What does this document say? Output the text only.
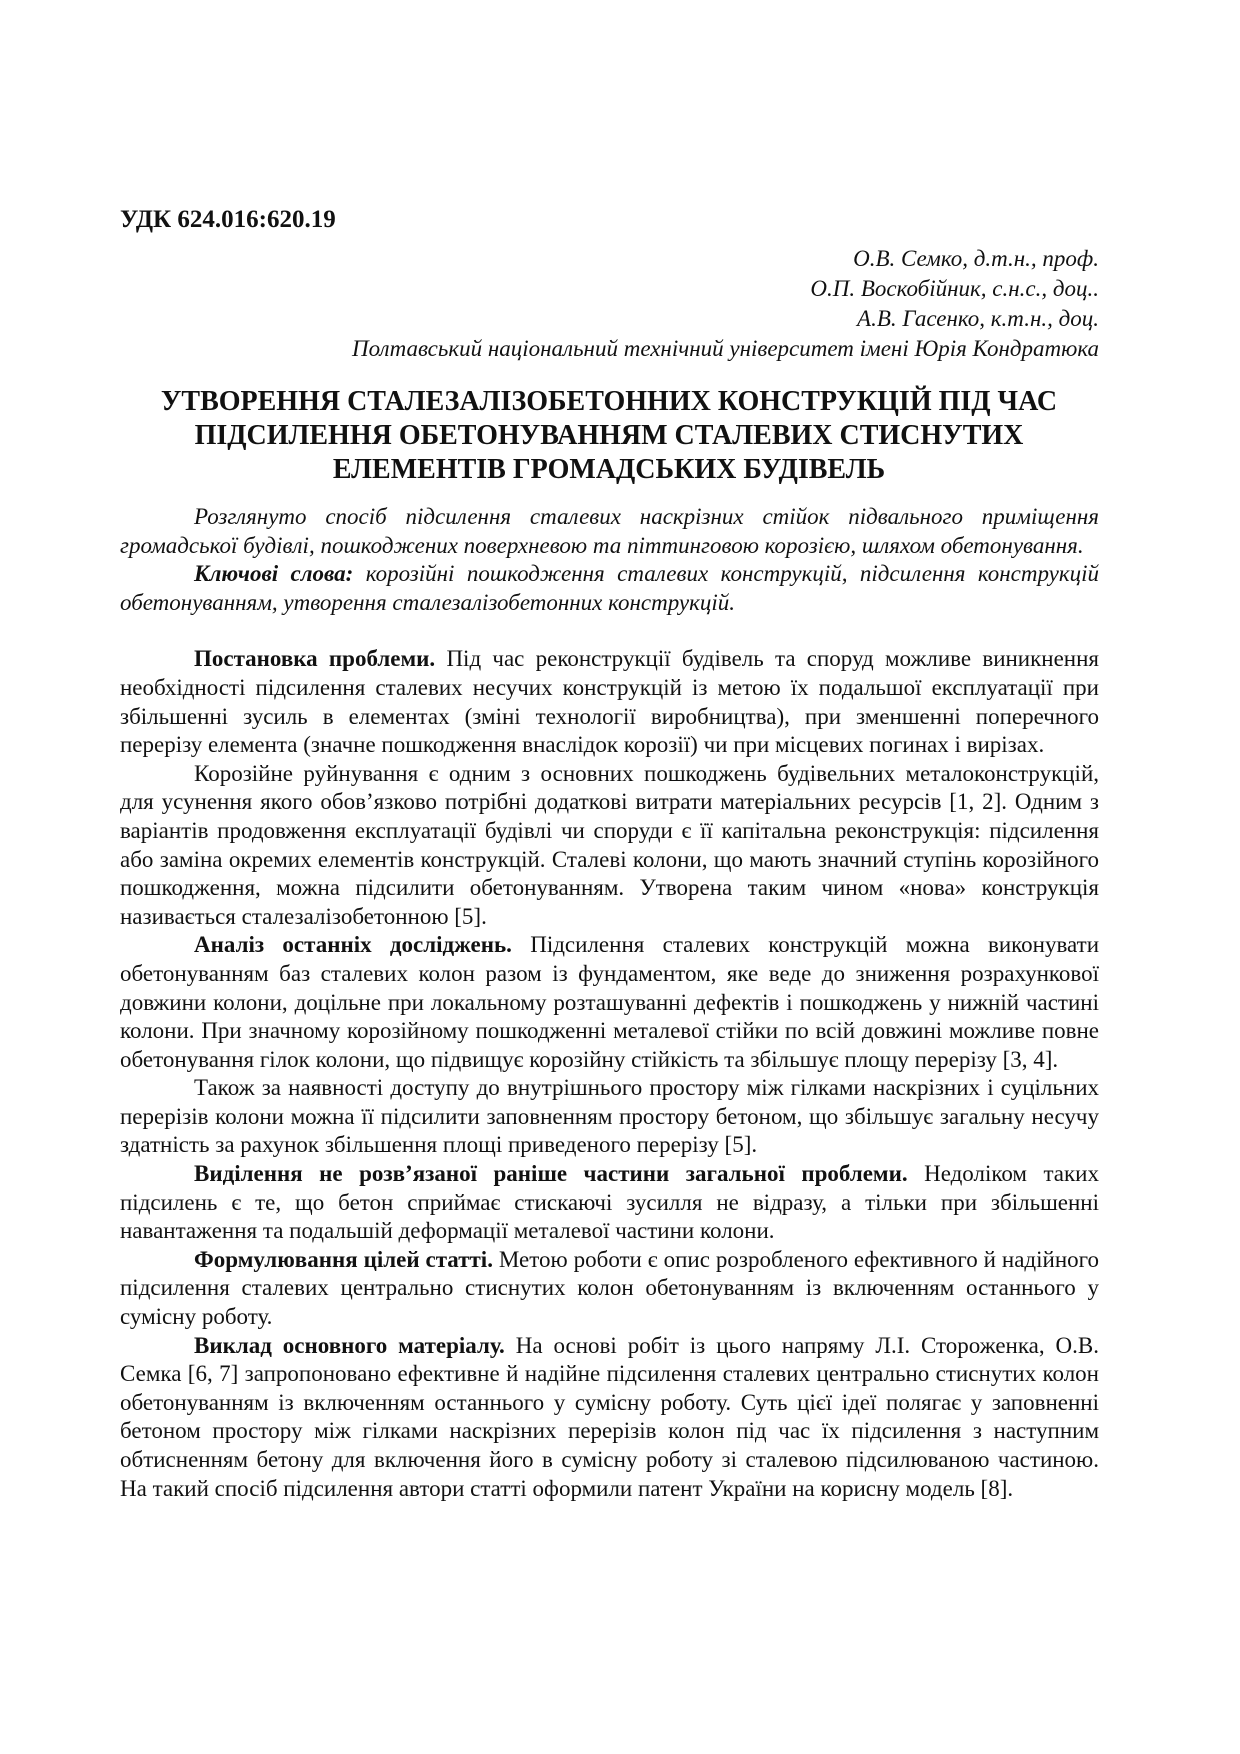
УДК 624.016:620.19
О.В. Семко, д.т.н., проф.
О.П. Воскобійник, с.н.с., доц..
А.В. Гасенко, к.т.н., доц.
Полтавський національний технічний університет імені Юрія Кондратюка
УТВОРЕННЯ СТАЛЕЗАЛІЗОБЕТОННИХ КОНСТРУКЦІЙ ПІД ЧАС ПІДСИЛЕННЯ ОБЕТОНУВАННЯМ СТАЛЕВИХ СТИСНУТИХ ЕЛЕМЕНТІВ ГРОМАДСЬКИХ БУДІВЕЛЬ

Розглянуто спосіб підсилення сталевих наскрізних стійок підвального приміщення громадської будівлі, пошкоджених поверхневою та піттинговою корозією, шляхом обетонування.

Ключові слова: корозійні пошкодження сталевих конструкцій, підсилення конструкцій обетонуванням, утворення сталезалізобетонних конструкцій.

Постановка проблеми. Під час реконструкції будівель та споруд можливе виникнення необхідності підсилення сталевих несучих конструкцій із метою їх подальшої експлуатації при збільшенні зусиль в елементах (зміні технології виробництва), при зменшенні поперечного перерізу елемента (значне пошкодження внаслідок корозії) чи при місцевих погинах і вирізах.

Корозійне руйнування є одним з основних пошкоджень будівельних металоконструкцій, для усунення якого обов’язково потрібні додаткові витрати матеріальних ресурсів [1, 2]. Одним з варіантів продовження експлуатації будівлі чи споруди є її капітальна реконструкція: підсилення або заміна окремих елементів конструкцій. Сталеві колони, що мають значний ступінь корозійного пошкодження, можна підсилити обетонуванням. Утворена таким чином «нова» конструкція називається сталезалізобетонною [5].

Аналіз останніх досліджень. Підсилення сталевих конструкцій можна виконувати обетонуванням баз сталевих колон разом із фундаментом, яке веде до зниження розрахункової довжини колони, доцільне при локальному розташуванні дефектів і пошкоджень у нижній частині колони. При значному корозійному пошкодженні металевої стійки по всій довжині можливе повне обетонування гілок колони, що підвищує корозійну стійкість та збільшує площу перерізу [3, 4].

Також за наявності доступу до внутрішнього простору між гілками наскрізних і суцільних перерізів колони можна її підсилити заповненням простору бетоном, що збільшує загальну несучу здатність за рахунок збільшення площі приведеного перерізу [5].

Виділення не розв’язаної раніше частини загальної проблеми. Недоліком таких підсилень є те, що бетон сприймає стискаючі зусилля не відразу, а тільки при збільшенні навантаження та подальшій деформації металевої частини колони.

Формулювання цілей статті. Метою роботи є опис розробленого ефективного й надійного підсилення сталевих центрально стиснутих колон обетонуванням із включенням останнього у сумісну роботу.

Виклад основного матеріалу. На основі робіт із цього напряму Л.І. Стороженка, О.В. Семка [6, 7] запропоновано ефективне й надійне підсилення сталевих центрально стиснутих колон обетонуванням із включенням останнього у сумісну роботу. Суть цієї ідеї полягає у заповненні бетоном простору між гілками наскрізних перерізів колон під час їх підсилення з наступним обтисненням бетону для включення його в сумісну роботу зі сталевою підсилюваною частиною. На такий спосіб підсилення автори статті оформили патент України на корисну модель [8].
